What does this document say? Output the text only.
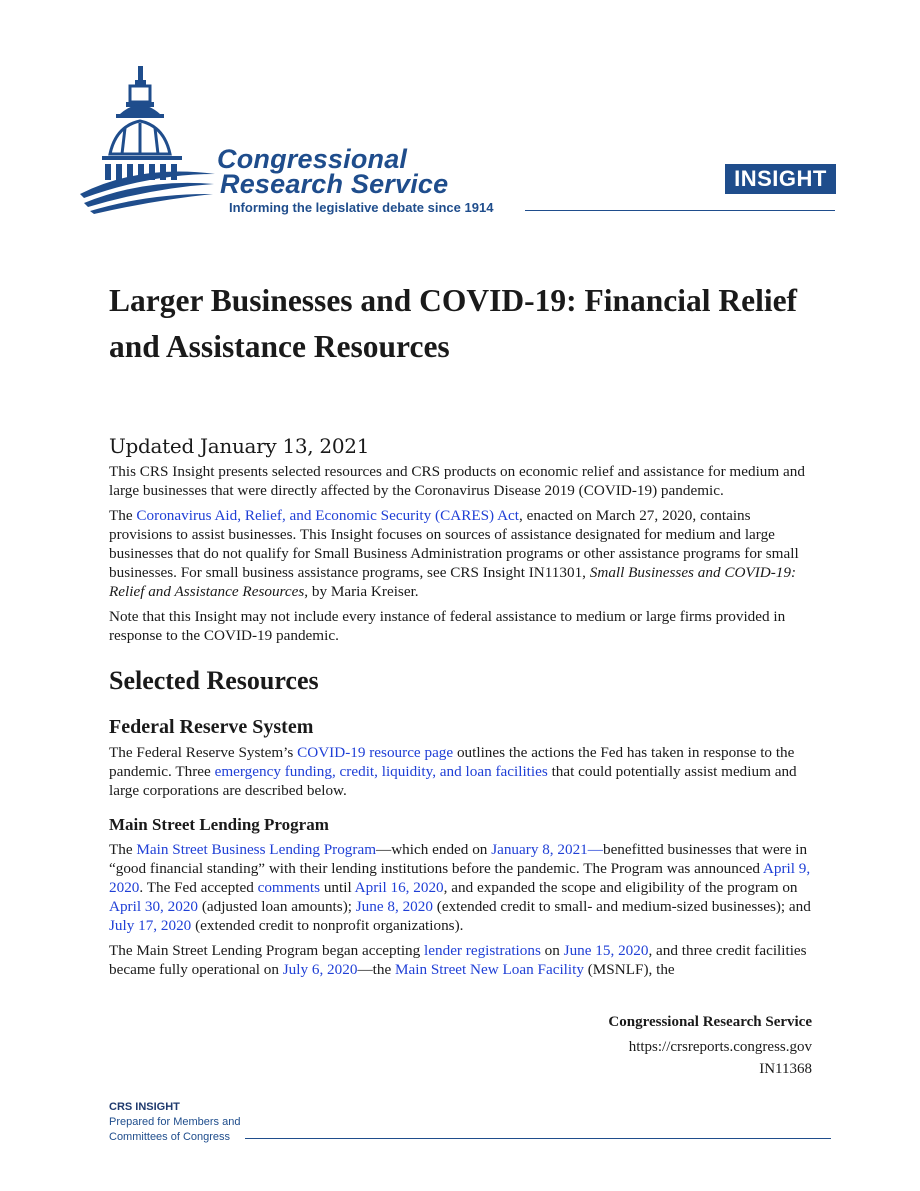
Congressional

Research Service

Informing the legislative debate since 1914
INSIGHT
Larger Businesses and COVID-19: Financial Relief and Assistance Resources
Updated January 13, 2021

This CRS Insight presents selected resources and CRS products on economic relief and assistance for medium and large businesses that were directly affected by the Coronavirus Disease 2019 (COVID-19) pandemic.

The Coronavirus Aid, Relief, and Economic Security (CARES) Act, enacted on March 27, 2020, contains provisions to assist businesses. This Insight focuses on sources of assistance designated for medium and large businesses that do not qualify for Small Business Administration programs or other assistance programs for small businesses. For small business assistance programs, see CRS Insight IN11301, Small Businesses and COVID-19: Relief and Assistance Resources, by Maria Kreiser.

Note that this Insight may not include every instance of federal assistance to medium or large firms provided in response to the COVID-19 pandemic.

Selected Resources
Federal Reserve System

The Federal Reserve System’s COVID-19 resource page outlines the actions the Fed has taken in response to the pandemic. Three emergency funding, credit, liquidity, and loan facilities that could potentially assist medium and large corporations are described below.

Main Street Lending Program

The Main Street Business Lending Program—which ended on January 8, 2021—benefitted businesses that were in “good financial standing” with their lending institutions before the pandemic. The Program was announced April 9, 2020. The Fed accepted comments until April 16, 2020, and expanded the scope and eligibility of the program on April 30, 2020 (adjusted loan amounts); June 8, 2020 (extended credit to small- and medium-sized businesses); and July 17, 2020 (extended credit to nonprofit organizations).

The Main Street Lending Program began accepting lender registrations on June 15, 2020, and three credit facilities became fully operational on July 6, 2020—the Main Street New Loan Facility (MSNLF), the

Congressional Research Service
https://crsreports.congress.gov
IN11368
CRS INSIGHT
Prepared for Members and
Committees of Congress
